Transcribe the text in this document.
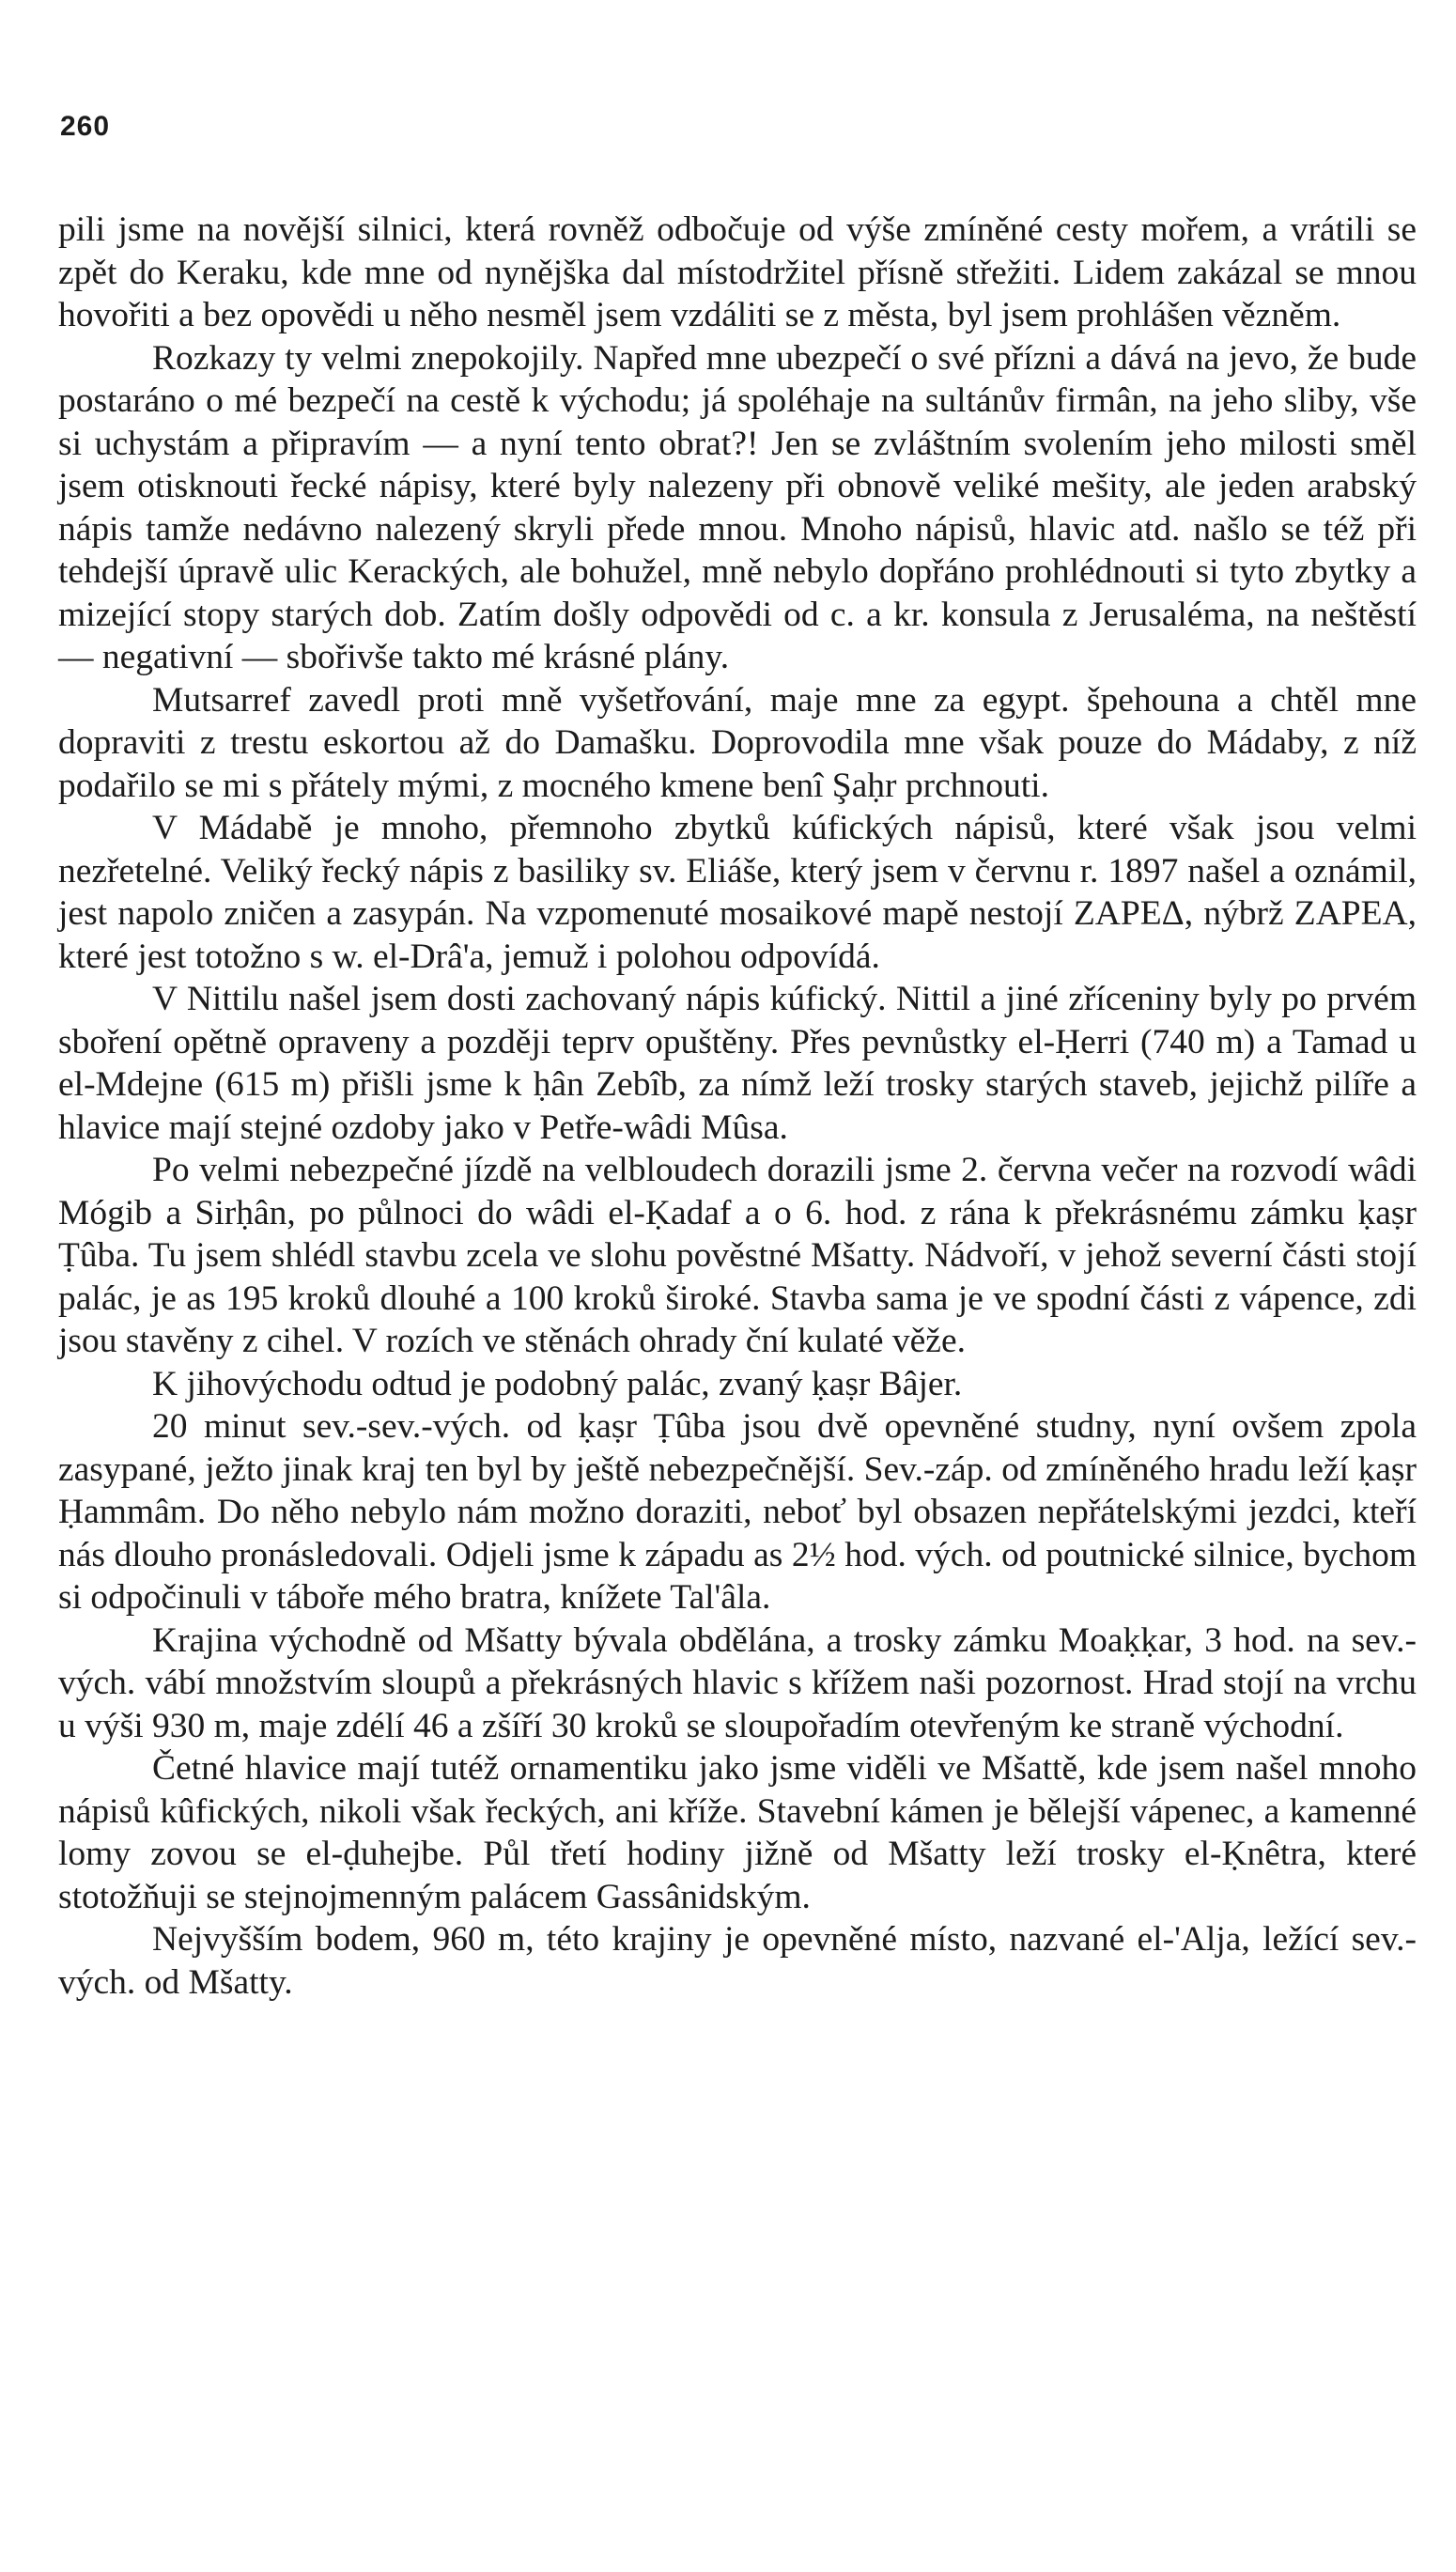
260

pili jsme na novější silnici, která rovněž odbočuje od výše zmíněné cesty mořem, a vrátili se zpět do Keraku, kde mne od nynějška dal místodržitel přísně střežiti. Lidem zakázal se mnou hovořiti a bez opovědi u něho nesměl jsem vzdáliti se z města, byl jsem prohlášen vězněm.

Rozkazy ty velmi znepokojily. Napřed mne ubezpečí o své přízni a dává na jevo, že bude postaráno o mé bezpečí na cestě k východu; já spoléhaje na sultánův firmân, na jeho sliby, vše si uchystám a připravím — a nyní tento obrat?! Jen se zvláštním svolením jeho milosti směl jsem otisknouti řecké nápisy, které byly nalezeny při obnově veliké mešity, ale jeden arabský nápis tamže nedávno nalezený skryli přede mnou. Mnoho nápisů, hlavic atd. našlo se též při tehdejší úpravě ulic Kerackých, ale bohužel, mně nebylo dopřáno prohlédnouti si tyto zbytky a mizející stopy starých dob. Zatím došly odpovědi od c. a kr. konsula z Jerusaléma, na neštěstí — negativní — sbořivše takto mé krásné plány.

Mutsarref zavedl proti mně vyšetřování, maje mne za egypt. špehouna a chtěl mne dopraviti z trestu eskortou až do Damašku. Doprovodila mne však pouze do Mádaby, z níž podařilo se mi s přátely mými, z mocného kmene benî Şaḥr prchnouti.

V Mádabě je mnoho, přemnoho zbytků kúfických nápisů, které však jsou velmi nezřetelné. Veliký řecký nápis z basiliky sv. Eliáše, který jsem v červnu r. 1897 našel a oznámil, jest napolo zničen a zasypán. Na vzpomenuté mosaikové mapě nestojí ΖΑΡΕΔ, nýbrž ΖΑΡΕΑ, které jest totožno s w. el-Drâ'a, jemuž i polohou odpovídá.

V Nittilu našel jsem dosti zachovaný nápis kúfický. Nittil a jiné zříceniny byly po prvém sboření opětně opraveny a později teprv opuštěny. Přes pevnůstky el-Ḥerri (740 m) a Tamad u el-Mdejne (615 m) přišli jsme k ḥân Zebîb, za nímž leží trosky starých staveb, jejichž pilíře a hlavice mají stejné ozdoby jako v Petře-wâdi Mûsa.

Po velmi nebezpečné jízdě na velbloudech dorazili jsme 2. června večer na rozvodí wâdi Mógib a Sirḥân, po půlnoci do wâdi el-Ḳadaf a o 6. hod. z rána k překrásnému zámku ḳaṣr Ṭûba. Tu jsem shlédl stavbu zcela ve slohu pověstné Mšatty. Nádvoří, v jehož severní části stojí palác, je as 195 kroků dlouhé a 100 kroků široké. Stavba sama je ve spodní části z vápence, zdi jsou stavěny z cihel. V rozích ve stěnách ohrady ční kulaté věže.

K jihovýchodu odtud je podobný palác, zvaný ḳaṣr Bâjer.

20 minut sev.-sev.-vých. od ḳaṣr Ṭûba jsou dvě opevněné studny, nyní ovšem zpola zasypané, ježto jinak kraj ten byl by ještě nebezpečnější. Sev.-záp. od zmíněného hradu leží ḳaṣr Ḥammâm. Do něho nebylo nám možno doraziti, neboť byl obsazen nepřátelskými jezdci, kteří nás dlouho pronásledovali. Odjeli jsme k západu as 2½ hod. vých. od poutnické silnice, bychom si odpočinuli v táboře mého bratra, knížete Tal'âla.

Krajina východně od Mšatty bývala obdělána, a trosky zámku Moaḳḳar, 3 hod. na sev.-vých. vábí množstvím sloupů a překrásných hlavic s křížem naši pozornost. Hrad stojí na vrchu u výši 930 m, maje zdélí 46 a zšíří 30 kroků se sloupořadím otevřeným ke straně východní.

Četné hlavice mají tutéž ornamentiku jako jsme viděli ve Mšattě, kde jsem našel mnoho nápisů kûfických, nikoli však řeckých, ani kříže. Stavební kámen je bělejší vápenec, a kamenné lomy zovou se el-ḍuhejbe. Půl třetí hodiny jižně od Mšatty leží trosky el-Ḳnêtra, které stotožňuji se stejnojmenným palácem Gassânidským.

Nejvyšším bodem, 960 m, této krajiny je opevněné místo, nazvané el-'Alja, ležící sev.-vých. od Mšatty.
